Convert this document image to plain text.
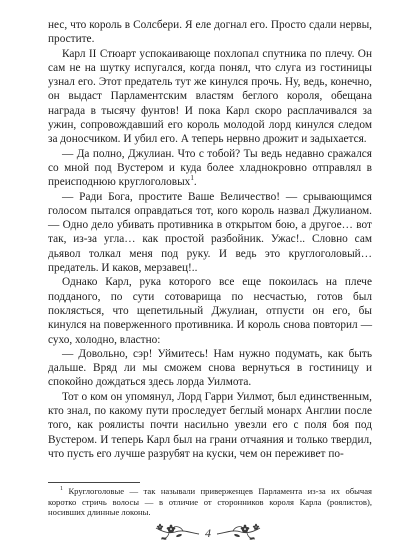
нес, что король в Солсбери. Я еле догнал его. Просто сдали нервы, простите.

Карл II Стюарт успокаивающе похлопал спутника по плечу. Он сам не на шутку испугался, когда понял, что слуга из гостиницы узнал его. Этот предатель тут же кинулся прочь. Ну, ведь, конечно, он выдаст Парламентским властям беглого короля, обещана награда в тысячу фунтов! И пока Карл скоро расплачивался за ужин, сопровождавший его король молодой лорд кинулся следом за доносчиком. И убил его. А теперь нервно дрожит и задыхается.

— Да полно, Джулиан. Что с тобой? Ты ведь недавно сражался со мной под Вустером и куда более хладнокровно отправлял в преисподнюю круглоголовых$^1$.

— Ради Бога, простите Ваше Величество! — срывающимся голосом пытался оправдаться тот, кого король назвал Джулианом. — Одно дело убивать противника в открытом бою, а другое… вот так, из-за угла… как простой разбойник. Ужас!.. Словно сам дьявол толкал меня под руку. И ведь это круглоголовый… предатель. И каков, мерзавец!..

Однако Карл, рука которого все еще покоилась на плече подданого, по сути сотоварища по несчастью, готов был поклясться, что щепетильный Джулиан, отпусти он его, бы кинулся на поверженного противника. И король снова повторил — сухо, холодно, властно:

— Довольно, сэр! Уймитесь! Нам нужно подумать, как быть дальше. Вряд ли мы сможем снова вернуться в гостиницу и спокойно дождаться здесь лорда Уилмота.

Тот о ком он упомянул, Лорд Гарри Уилмот, был единственным, кто знал, по какому пути проследует беглый монарх Англии после того, как роялисты почти насильно увезли его с поля боя под Вустером. И теперь Карл был на грани отчаяния и только твердил, что пусть его лучше разрубят на куски, чем он переживет по-

$^1$ Круглоголовые — так называли приверженцев Парламента из-за их обычая коротко стричь волосы — в отличие от сторонников короля Карла (роялистов), носивших длинные локоны.

4
